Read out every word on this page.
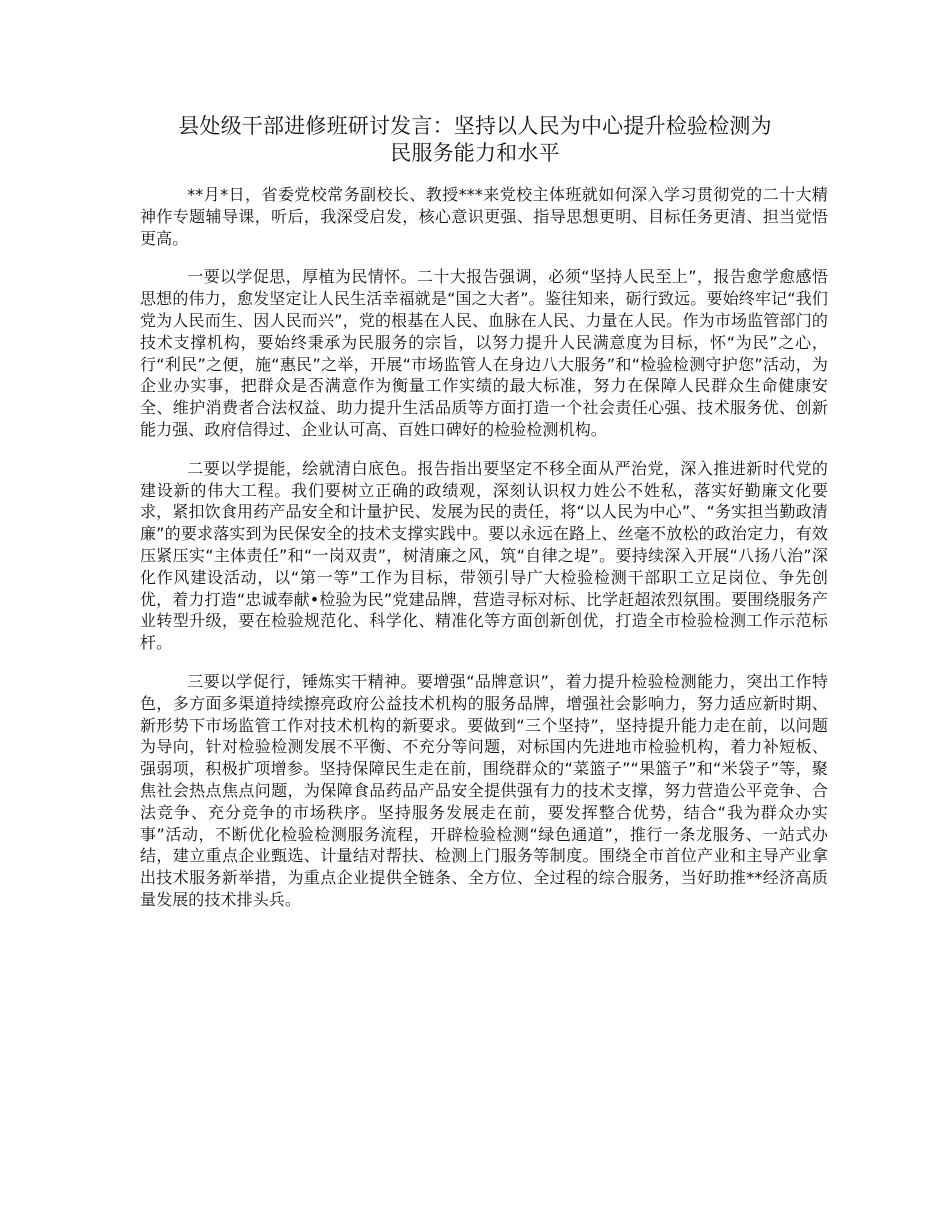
县处级干部进修班研讨发言：坚持以人民为中心提升检验检测为
民服务能力和水平

**月*日，省委党校常务副校长、教授***来党校主体班就如何深入学习贯彻党的二十大精神作专题辅导课，听后，我深受启发，核心意识更强、指导思想更明、目标任务更清、担当觉悟更高。

一要以学促思，厚植为民情怀。二十大报告强调，必须“坚持人民至上”，报告愈学愈感悟思想的伟力，愈发坚定让人民生活幸福就是“国之大者”。鉴往知来，砺行致远。要始终牢记“我们党为人民而生、因人民而兴”，党的根基在人民、血脉在人民、力量在人民。作为市场监管部门的技术支撑机构，要始终秉承为民服务的宗旨，以努力提升人民满意度为目标，怀“为民”之心，行“利民”之便，施“惠民”之举，开展“市场监管人在身边八大服务”和“检验检测守护您”活动，为企业办实事，把群众是否满意作为衡量工作实绩的最大标准，努力在保障人民群众生命健康安全、维护消费者合法权益、助力提升生活品质等方面打造一个社会责任心强、技术服务优、创新能力强、政府信得过、企业认可高、百姓口碑好的检验检测机构。

二要以学提能，绘就清白底色。报告指出要坚定不移全面从严治党，深入推进新时代党的建设新的伟大工程。我们要树立正确的政绩观，深刻认识权力姓公不姓私，落实好勤廉文化要求，紧扣饮食用药产品安全和计量护民、发展为民的责任，将“以人民为中心”、“务实担当勤政清廉”的要求落实到为民保安全的技术支撑实践中。要以永远在路上、丝毫不放松的政治定力，有效压紧压实“主体责任”和“一岗双责”，树清廉之风，筑“自律之堤”。要持续深入开展“八扬八治”深化作风建设活动，以“第一等”工作为目标，带领引导广大检验检测干部职工立足岗位、争先创优，着力打造“忠诚奉献•检验为民”党建品牌，营造寻标对标、比学赶超浓烈氛围。要围绕服务产业转型升级，要在检验规范化、科学化、精准化等方面创新创优，打造全市检验检测工作示范标杆。

三要以学促行，锤炼实干精神。要增强“品牌意识”，着力提升检验检测能力，突出工作特色，多方面多渠道持续擦亮政府公益技术机构的服务品牌，增强社会影响力，努力适应新时期、新形势下市场监管工作对技术机构的新要求。要做到“三个坚持”，坚持提升能力走在前，以问题为导向，针对检验检测发展不平衡、不充分等问题，对标国内先进地市检验机构，着力补短板、强弱项，积极扩项增参。坚持保障民生走在前，围绕群众的“菜篮子”“果篮子”和“米袋子”等，聚焦社会热点焦点问题，为保障食品药品产品安全提供强有力的技术支撑，努力营造公平竞争、合法竞争、充分竞争的市场秩序。坚持服务发展走在前，要发挥整合优势，结合“我为群众办实事”活动，不断优化检验检测服务流程，开辟检验检测“绿色通道”，推行一条龙服务、一站式办结，建立重点企业甄选、计量结对帮扶、检测上门服务等制度。围绕全市首位产业和主导产业拿出技术服务新举措，为重点企业提供全链条、全方位、全过程的综合服务，当好助推**经济高质量发展的技术排头兵。
